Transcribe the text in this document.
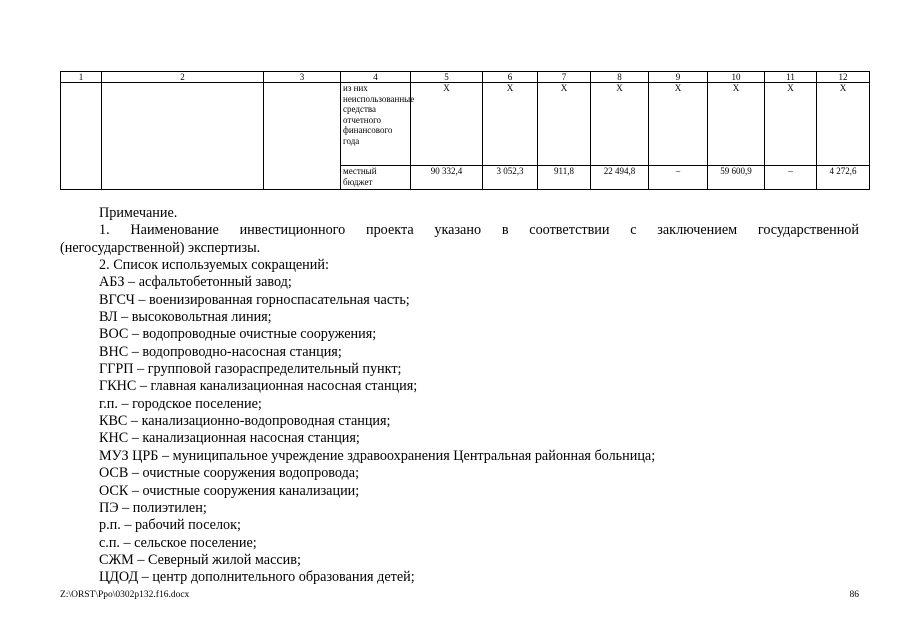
1	2	3	4	5	6	7	8	9	10	11	12
			из них неиспользованные средства отчетного финансового года	X	X	X	X	X	X	X	X
			местный бюджет	90 332,4	3 052,3	911,8	22 494,8	–	59 600,9	–	4 272,6

Примечание.

1. Наименование инвестиционного проекта указано в соответствии с заключением государственной

(негосударственной) экспертизы.

2. Список используемых сокращений:

АБЗ – асфальтобетонный завод;

ВГСЧ – военизированная горноспасательная часть;

ВЛ – высоковольтная линия;

ВОС – водопроводные очистные сооружения;

ВНС – водопроводно-насосная станция;

ГГРП – групповой газораспределительный пункт;

ГКНС – главная канализационная насосная станция;

г.п. – городское поселение;

КВС – канализационно-водопроводная станция;

КНС – канализационная насосная станция;

МУЗ ЦРБ – муниципальное учреждение здравоохранения Центральная районная больница;

ОСВ – очистные сооружения водопровода;

ОСК – очистные сооружения канализации;

ПЭ – полиэтилен;

р.п. – рабочий поселок;

с.п. – сельское поселение;

СЖМ – Северный жилой массив;

ЦДОД – центр дополнительного образования детей;

Z:\ORST\Ppo\0302p132.f16.docx	86
